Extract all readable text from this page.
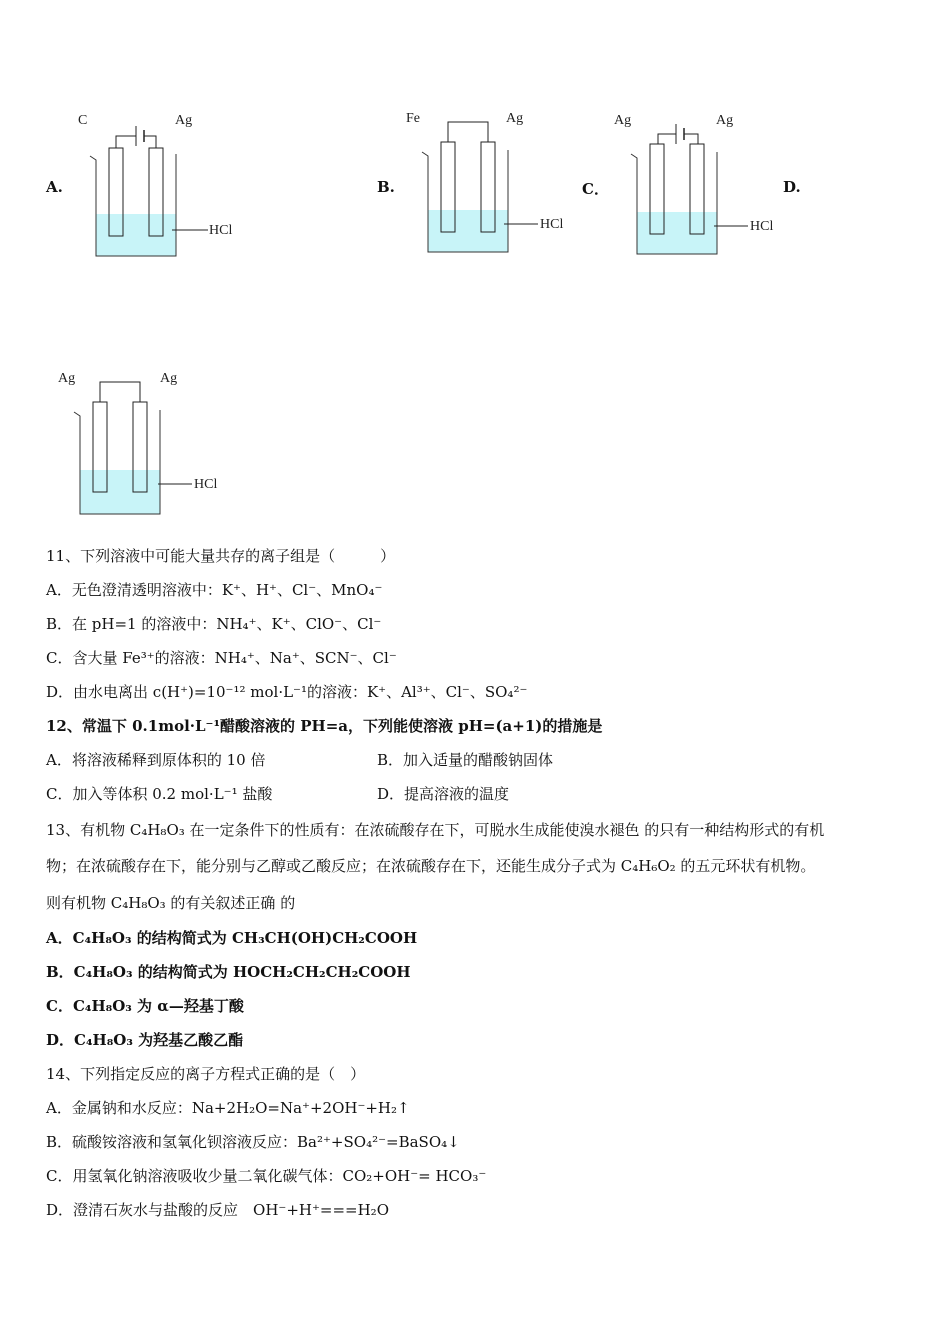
A.	B.	C．	D.
C	Ag
HCl
Fe	Ag
HCl
Ag	Ag
HCl
Ag	Ag
HCl
11、下列溶液中可能大量共存的离子组是（　　　）
A．无色澄清透明溶液中：K⁺、H⁺、Cl⁻、MnO₄⁻
B．在 pH=1 的溶液中：NH₄⁺、K⁺、ClO⁻、Cl⁻
C．含大量 Fe³⁺的溶液：NH₄⁺、Na⁺、SCN⁻、Cl⁻
D．由水电离出 c(H⁺)=10⁻¹² mol·L⁻¹的溶液：K⁺、Al³⁺、Cl⁻、SO₄²⁻
12、常温下 0.1mol·L⁻¹醋酸溶液的 PH=a，下列能使溶液 pH=(a+1)的措施是
A．将溶液稀释到原体积的 10 倍	B．加入适量的醋酸钠固体
C．加入等体积 0.2 mol·L⁻¹ 盐酸	D．提高溶液的温度
13、有机物 C₄H₈O₃ 在一定条件下的性质有：在浓硫酸存在下，可脱水生成能使溴水褪色 的只有一种结构形式的有机
物；在浓硫酸存在下，能分别与乙醇或乙酸反应；在浓硫酸存在下，还能生成分子式为 C₄H₆O₂ 的五元环状有机物。
则有机物 C₄H₈O₃ 的有关叙述正确 的
A．C₄H₈O₃ 的结构简式为 CH₃CH(OH)CH₂COOH
B．C₄H₈O₃ 的结构简式为 HOCH₂CH₂CH₂COOH
C．C₄H₈O₃ 为 α—羟基丁酸
D．C₄H₈O₃ 为羟基乙酸乙酯
14、下列指定反应的离子方程式正确的是（　）
A．金属钠和水反应：Na+2H₂O=Na⁺+2OH⁻+H₂↑
B．硫酸铵溶液和氢氧化钡溶液反应：Ba²⁺+SO₄²⁻=BaSO₄↓
C．用氢氧化钠溶液吸收少量二氧化碳气体：CO₂+OH⁻= HCO₃⁻
D．澄清石灰水与盐酸的反应　OH⁻+H⁺===H₂O
